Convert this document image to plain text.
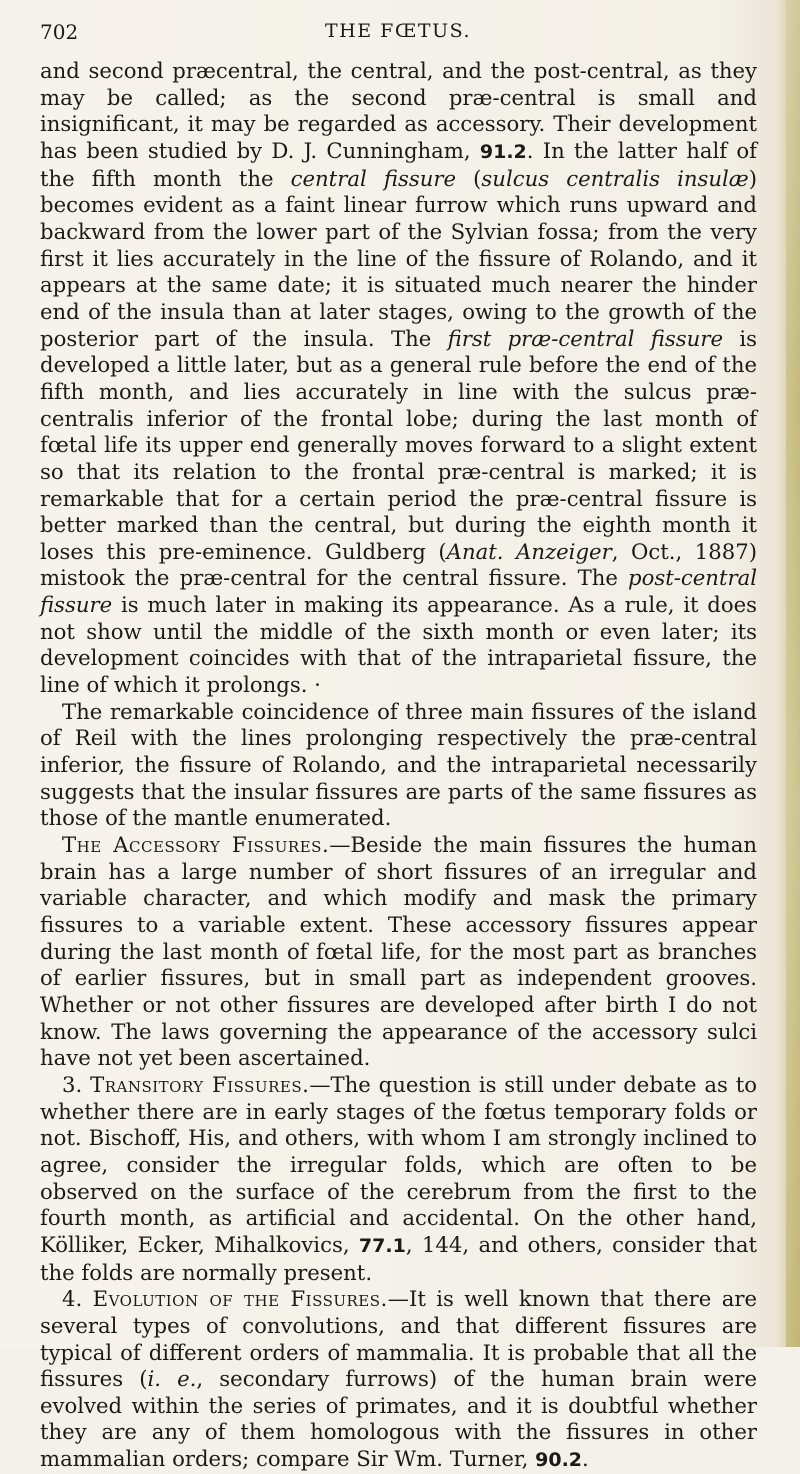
702	THE FŒTUS.

and second præcentral, the central, and the post-central, as they may be called; as the second præ-central is small and insignificant, it may be regarded as accessory. Their development has been studied by D. J. Cunningham, 91.2. In the latter half of the fifth month the central fissure (sulcus centralis insulæ) becomes evident as a faint linear furrow which runs upward and backward from the lower part of the Sylvian fossa; from the very first it lies accurately in the line of the fissure of Rolando, and it appears at the same date; it is situated much nearer the hinder end of the insula than at later stages, owing to the growth of the posterior part of the insula. The first præ-central fissure is developed a little later, but as a general rule before the end of the fifth month, and lies accurately in line with the sulcus præ-centralis inferior of the frontal lobe; during the last month of fœtal life its upper end generally moves forward to a slight extent so that its relation to the frontal præ-central is marked; it is remarkable that for a certain period the præ-central fissure is better marked than the central, but during the eighth month it loses this pre-eminence. Guldberg (Anat. Anzeiger, Oct., 1887) mistook the præ-central for the central fissure. The post-central fissure is much later in making its appearance. As a rule, it does not show until the middle of the sixth month or even later; its development coincides with that of the intraparietal fissure, the line of which it prolongs. ·

The remarkable coincidence of three main fissures of the island of Reil with the lines prolonging respectively the præ-central inferior, the fissure of Rolando, and the intraparietal necessarily suggests that the insular fissures are parts of the same fissures as those of the mantle enumerated.

The Accessory Fissures.—Beside the main fissures the human brain has a large number of short fissures of an irregular and variable character, and which modify and mask the primary fissures to a variable extent. These accessory fissures appear during the last month of fœtal life, for the most part as branches of earlier fissures, but in small part as independent grooves. Whether or not other fissures are developed after birth I do not know. The laws governing the appearance of the accessory sulci have not yet been ascertained.

3. Transitory Fissures.—The question is still under debate as to whether there are in early stages of the fœtus temporary folds or not. Bischoff, His, and others, with whom I am strongly inclined to agree, consider the irregular folds, which are often to be observed on the surface of the cerebrum from the first to the fourth month, as artificial and accidental. On the other hand, Kölliker, Ecker, Mihalkovics, 77.1, 144, and others, consider that the folds are normally present.

4. Evolution of the Fissures.—It is well known that there are several types of convolutions, and that different fissures are typical of different orders of mammalia. It is probable that all the fissures (i. e., secondary furrows) of the human brain were evolved within the series of primates, and it is doubtful whether they are any of them homologous with the fissures in other mammalian orders; compare Sir Wm. Turner, 90.2.
